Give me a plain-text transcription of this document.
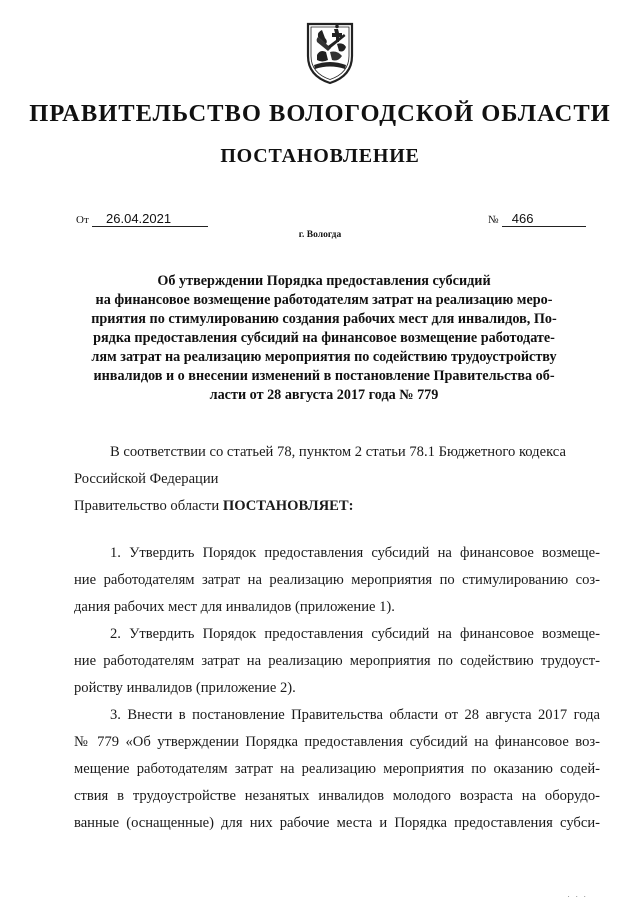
ПРАВИТЕЛЬСТВО ВОЛОГОДСКОЙ ОБЛАСТИ
ПОСТАНОВЛЕНИЕ
От 26.04.2021	№ 466
г. Вологда
Об утверждении Порядка предоставления субсидий
на финансовое возмещение работодателям затрат на реализацию меро-
приятия по стимулированию создания рабочих мест для инвалидов, По-
рядка предоставления субсидий на финансовое возмещение работодате-
лям затрат на реализацию мероприятия по содействию трудоустройству
инвалидов и о внесении изменений в постановление Правительства об-
ласти от 28 августа 2017 года № 779
В соответствии со статьей 78, пунктом 2 статьи 78.1 Бюджетного кодекса
Российской Федерации
Правительство области ПОСТАНОВЛЯЕТ:
1. Утвердить Порядок предоставления субсидий на финансовое возмеще-
ние работодателям затрат на реализацию мероприятия по стимулированию соз-
дания рабочих мест для инвалидов (приложение 1).
2. Утвердить Порядок предоставления субсидий на финансовое возмеще-
ние работодателям затрат на реализацию мероприятия по содействию трудоуст-
ройству инвалидов (приложение 2).
3. Внести в постановление Правительства области от 28 августа 2017 года
№ 779 «Об утверждении Порядка предоставления субсидий на финансовое воз-
мещение работодателям затрат на реализацию мероприятия по оказанию содей-
ствия в трудоустройстве незанятых инвалидов молодого возраста на оборудо-
ванные (оснащенные) для них рабочие места и Порядка предоставления субси-
· · ·
